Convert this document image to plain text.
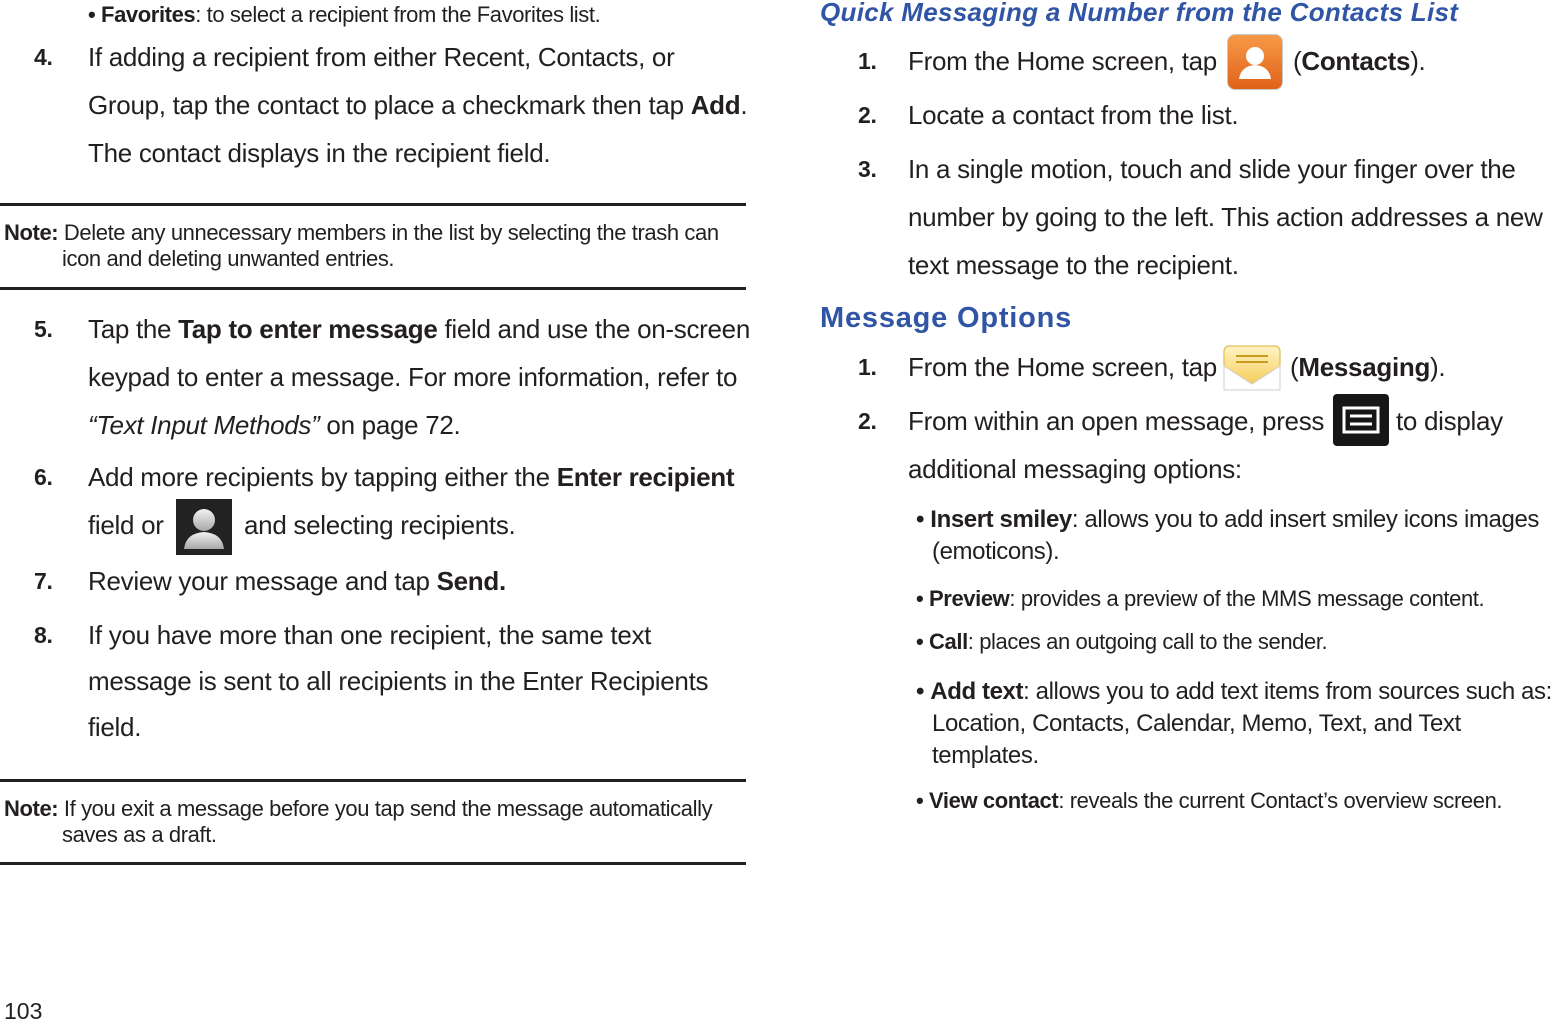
• Favorites: to select a recipient from the Favorites list.
4. If adding a recipient from either Recent, Contacts, or
Group, tap the contact to place a checkmark then tap Add.
The contact displays in the recipient field.
Note: Delete any unnecessary members in the list by selecting the trash can
icon and deleting unwanted entries.
5. Tap the Tap to enter message field and use the on-screen
keypad to enter a message. For more information, refer to
“Text Input Methods” on page 72.
6. Add more recipients by tapping either the Enter recipient
field or	and selecting recipients.
7. Review your message and tap Send.
8. If you have more than one recipient, the same text
message is sent to all recipients in the Enter Recipients
field.
Note: If you exit a message before you tap send the message automatically
saves as a draft.
103
Quick Messaging a Number from the Contacts List
1. From the Home screen, tap	(Contacts).
2. Locate a contact from the list.
3. In a single motion, touch and slide your finger over the
number by going to the left. This action addresses a new
text message to the recipient.
Message Options
1. From the Home screen, tap	(Messaging).
2. From within an open message, press	to display
additional messaging options:
• Insert smiley: allows you to add insert smiley icons images
(emoticons).
• Preview: provides a preview of the MMS message content.
• Call: places an outgoing call to the sender.
• Add text: allows you to add text items from sources such as:
Location, Contacts, Calendar, Memo, Text, and Text
templates.
• View contact: reveals the current Contact’s overview screen.
